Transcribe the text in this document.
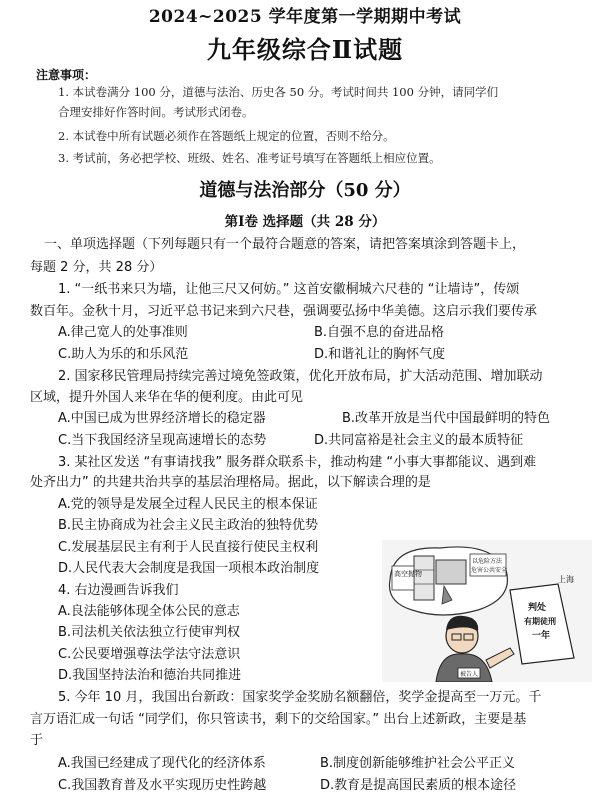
2024~2025 学年度第一学期期中考试
九年级综合Ⅱ试题
注意事项：
1. 本试卷满分 100 分，道德与法治、历史各 50 分。考试时间共 100 分钟，请同学们
合理安排好作答时间。考试形式闭卷。
2. 本试卷中所有试题必须作在答题纸上规定的位置，否则不给分。
3. 考试前，务必把学校、班级、姓名、准考证号填写在答题纸上相应位置。
道德与法治部分（50 分）
第Ⅰ卷 选择题（共 28 分）
一、单项选择题（下列每题只有一个最符合题意的答案，请把答案填涂到答题卡上，
每题 2 分，共 28 分）
1. “一纸书来只为墙，让他三尺又何妨。” 这首安徽桐城六尺巷的 “让墙诗”，传颂
数百年。金秋十月，习近平总书记来到六尺巷，强调要弘扬中华美德。这启示我们要传承
A.律己宽人的处事准则	B.自强不息的奋进品格
C.助人为乐的和乐风范	D.和谐礼让的胸怀气度
2. 国家移民管理局持续完善过境免签政策，优化开放布局，扩大活动范围、增加联动
区域，提升外国人来华在华的便利度。由此可见
A.中国已成为世界经济增长的稳定器	B.改革开放是当代中国最鲜明的特色
C.当下我国经济呈现高速增长的态势	D.共同富裕是社会主义的最本质特征
3. 某社区发送 “有事请找我” 服务群众联系卡，推动构建 “小事大事都能议、遇到难
处齐出力” 的共建共治共享的基层治理格局。据此，以下解读合理的是
A.党的领导是发展全过程人民民主的根本保证
B.民主协商成为社会主义民主政治的独特优势
C.发展基层民主有利于人民直接行使民主权利
D.人民代表大会制度是我国一项根本政治制度
4. 右边漫画告诉我们
A.良法能够体现全体公民的意志
B.司法机关依法独立行使审判权
C.公民要增强尊法学法守法意识
D.我国坚持法治和德治共同推进
高空抛物
以危险方法
危害公共安全
判处
有期徒刑
一年
上海
被告人
5. 今年 10 月，我国出台新政：国家奖学金奖励名额翻倍，奖学金提高至一万元。千
言万语汇成一句话 “同学们，你只管读书，剩下的交给国家。” 出台上述新政，主要是基
于
A.我国已经建成了现代化的经济体系	B.制度创新能够维护社会公平正义
C.我国教育普及水平实现历史性跨越	D.教育是提高国民素质的根本途径
